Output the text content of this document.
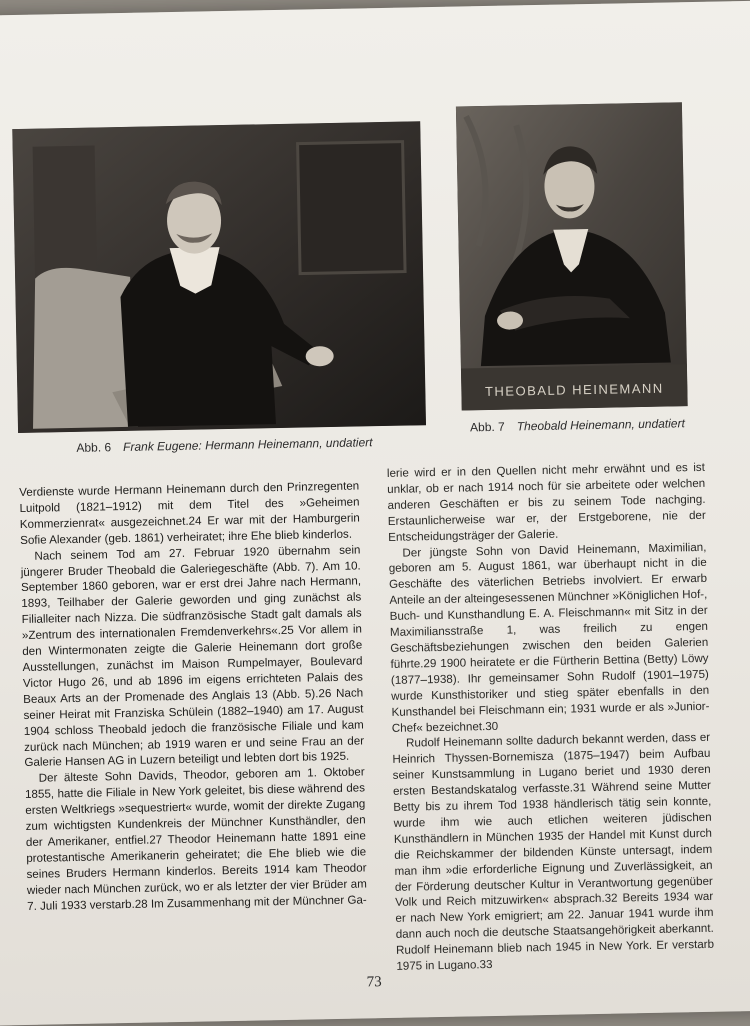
Abb. 6 Frank Eugene: Hermann Heinemann, undatiert
THEOBALD HEINEMANN
Abb. 7 Theobald Heinemann, undatiert

Verdienste wurde Hermann Heinemann durch den Prinzregenten Luitpold (1821–1912) mit dem Titel des »Geheimen Kommerzienrat« ausgezeichnet.24 Er war mit der Hamburgerin Sofie Alexander (geb. 1861) verheiratet; ihre Ehe blieb kinderlos.

Nach seinem Tod am 27. Februar 1920 übernahm sein jüngerer Bruder Theobald die Galeriegeschäfte (Abb. 7). Am 10. September 1860 geboren, war er erst drei Jahre nach Hermann, 1893, Teilhaber der Galerie geworden und ging zunächst als Filialleiter nach Nizza. Die südfranzösische Stadt galt damals als »Zentrum des internationalen Fremdenverkehrs«.25 Vor allem in den Wintermonaten zeigte die Galerie Heinemann dort große Ausstellungen, zunächst im Maison Rumpelmayer, Boulevard Victor Hugo 26, und ab 1896 im eigens errichteten Palais des Beaux Arts an der Promenade des Anglais 13 (Abb. 5).26 Nach seiner Heirat mit Franziska Schülein (1882–1940) am 17. August 1904 schloss Theobald jedoch die französische Filiale und kam zurück nach München; ab 1919 waren er und seine Frau an der Galerie Hansen AG in Luzern beteiligt und lebten dort bis 1925.

Der älteste Sohn Davids, Theodor, geboren am 1. Oktober 1855, hatte die Filiale in New York geleitet, bis diese während des ersten Weltkriegs »sequestriert« wurde, womit der direkte Zugang zum wichtigsten Kundenkreis der Münchner Kunsthändler, den der Amerikaner, entfiel.27 Theodor Heinemann hatte 1891 eine protestantische Amerikanerin geheiratet; die Ehe blieb wie die seines Bruders Hermann kinderlos. Bereits 1914 kam Theodor wieder nach München zurück, wo er als letzter der vier Brüder am 7. Juli 1933 verstarb.28 Im Zusammenhang mit der Münchner Ga-

lerie wird er in den Quellen nicht mehr erwähnt und es ist unklar, ob er nach 1914 noch für sie arbeitete oder welchen anderen Geschäften er bis zu seinem Tode nachging. Erstaunlicherweise war er, der Erstgeborene, nie der Entscheidungsträger der Galerie.

Der jüngste Sohn von David Heinemann, Maximilian, geboren am 5. August 1861, war überhaupt nicht in die Geschäfte des väterlichen Betriebs involviert. Er erwarb Anteile an der alteingesessenen Münchner »Königlichen Hof-, Buch- und Kunsthandlung E. A. Fleischmann« mit Sitz in der Maximiliansstraße 1, was freilich zu engen Geschäftsbeziehungen zwischen den beiden Galerien führte.29 1900 heiratete er die Fürtherin Bettina (Betty) Löwy (1877–1938). Ihr gemeinsamer Sohn Rudolf (1901–1975) wurde Kunsthistoriker und stieg später ebenfalls in den Kunsthandel bei Fleischmann ein; 1931 wurde er als »Junior-Chef« bezeichnet.30

Rudolf Heinemann sollte dadurch bekannt werden, dass er Heinrich Thyssen-Bornemisza (1875–1947) beim Aufbau seiner Kunstsammlung in Lugano beriet und 1930 deren ersten Bestandskatalog verfasste.31 Während seine Mutter Betty bis zu ihrem Tod 1938 händlerisch tätig sein konnte, wurde ihm wie auch etlichen weiteren jüdischen Kunsthändlern in München 1935 der Handel mit Kunst durch die Reichskammer der bildenden Künste untersagt, indem man ihm »die erforderliche Eignung und Zuverlässigkeit, an der Förderung deutscher Kultur in Verantwortung gegenüber Volk und Reich mitzuwirken« absprach.32 Bereits 1934 war er nach New York emigriert; am 22. Januar 1941 wurde ihm dann auch noch die deutsche Staatsangehörigkeit aberkannt. Rudolf Heinemann blieb nach 1945 in New York. Er verstarb 1975 in Lugano.33

73
